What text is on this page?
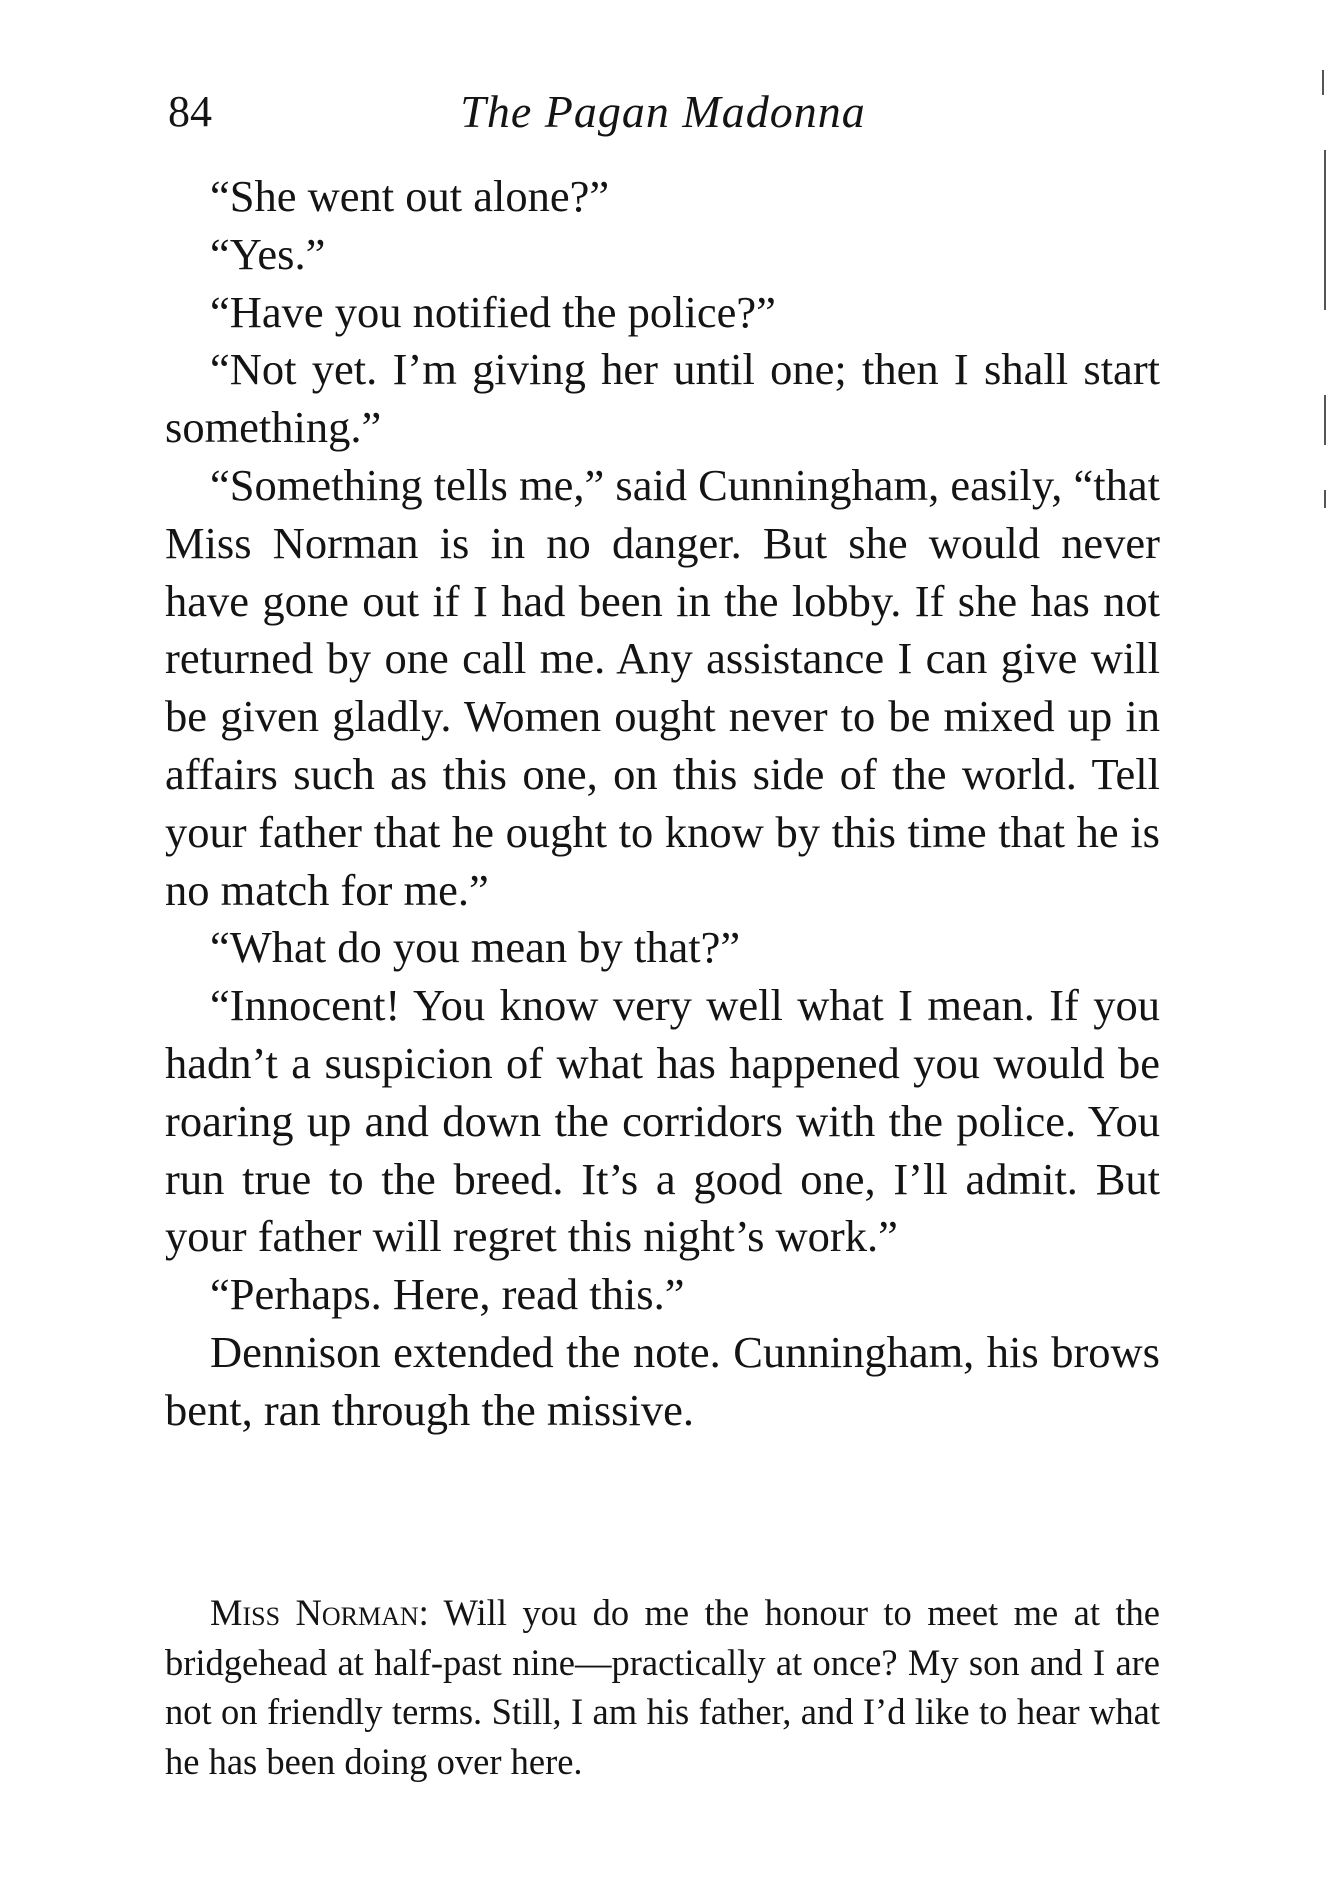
84	The Pagan Madonna

“She went out alone?”

“Yes.”

“Have you notified the police?”

“Not yet. I’m giving her until one; then I shall start something.”

“Something tells me,” said Cunningham, easily, “that Miss Norman is in no danger. But she would never have gone out if I had been in the lobby. If she has not returned by one call me. Any assistance I can give will be given gladly. Women ought never to be mixed up in affairs such as this one, on this side of the world. Tell your father that he ought to know by this time that he is no match for me.”

“What do you mean by that?”

“Innocent! You know very well what I mean. If you hadn’t a suspicion of what has happened you would be roaring up and down the corridors with the police. You run true to the breed. It’s a good one, I’ll admit. But your father will regret this night’s work.”

“Perhaps. Here, read this.”

Dennison extended the note. Cunningham, his brows bent, ran through the missive.

Miss Norman: Will you do me the honour to meet me at the bridgehead at half-past nine—practically at once? My son and I are not on friendly terms. Still, I am his father, and I’d like to hear what he has been doing over here.
